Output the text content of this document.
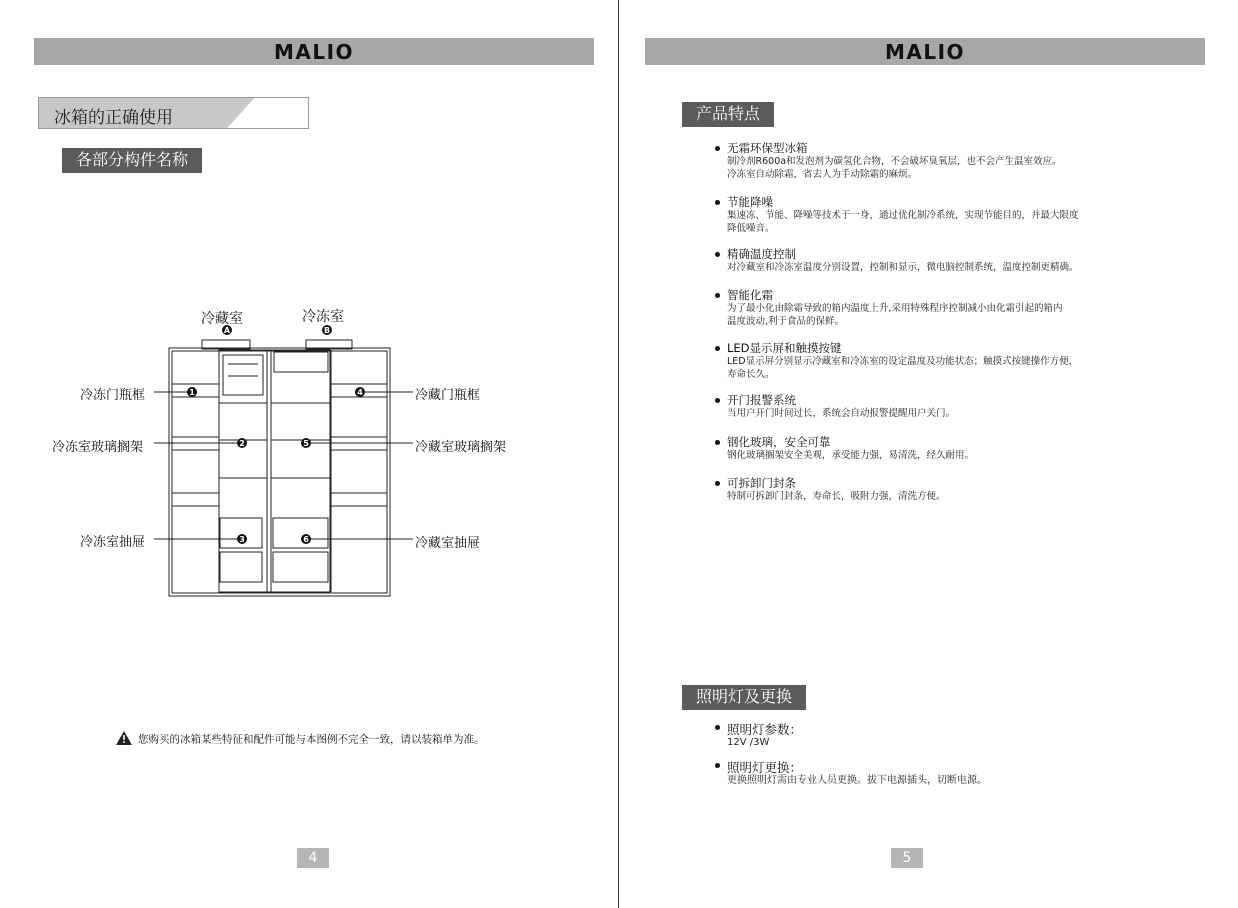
MALIO
冰箱的正确使用
各部分构件名称
1
2
3
4
5
6
A	B
冷藏室	冷冻室
冷冻门瓶框
冷冻室玻璃搁架
冷冻室抽屉
冷藏门瓶框
冷藏室玻璃搁架
冷藏室抽屉
您购买的冰箱某些特征和配件可能与本图例不完全一致，请以装箱单为准。
4
MALIO
产品特点
无霜环保型冰箱
制冷剂R600a和发泡剂为碳氢化合物，不会破坏臭氧层，也不会产生温室效应。
冷冻室自动除霜，省去人为手动除霜的麻烦。
节能降噪
集速冻、节能、降噪等技术于一身，通过优化制冷系统，实现节能目的，并最大限度
降低噪音。
精确温度控制
对冷藏室和冷冻室温度分别设置，控制和显示，微电脑控制系统，温度控制更精确。
智能化霜
为了最小化由除霜导致的箱内温度上升,采用特殊程序控制减小由化霜引起的箱内
温度波动,利于食品的保鲜。
LED显示屏和触摸按键
LED显示屏分别显示冷藏室和冷冻室的设定温度及功能状态；触摸式按键操作方便，
寿命长久。
开门报警系统
当用户开门时间过长，系统会自动报警提醒用户关门。
钢化玻璃，安全可靠
钢化玻璃搁架安全美观，承受能力强，易清洗，经久耐用。
可拆卸门封条
特制可拆卸门封条，寿命长，吸附力强，清洗方便。
照明灯及更换
照明灯参数：
12V /3W
照明灯更换：
更换照明灯需由专业人员更换。拔下电源插头，切断电源。
5
